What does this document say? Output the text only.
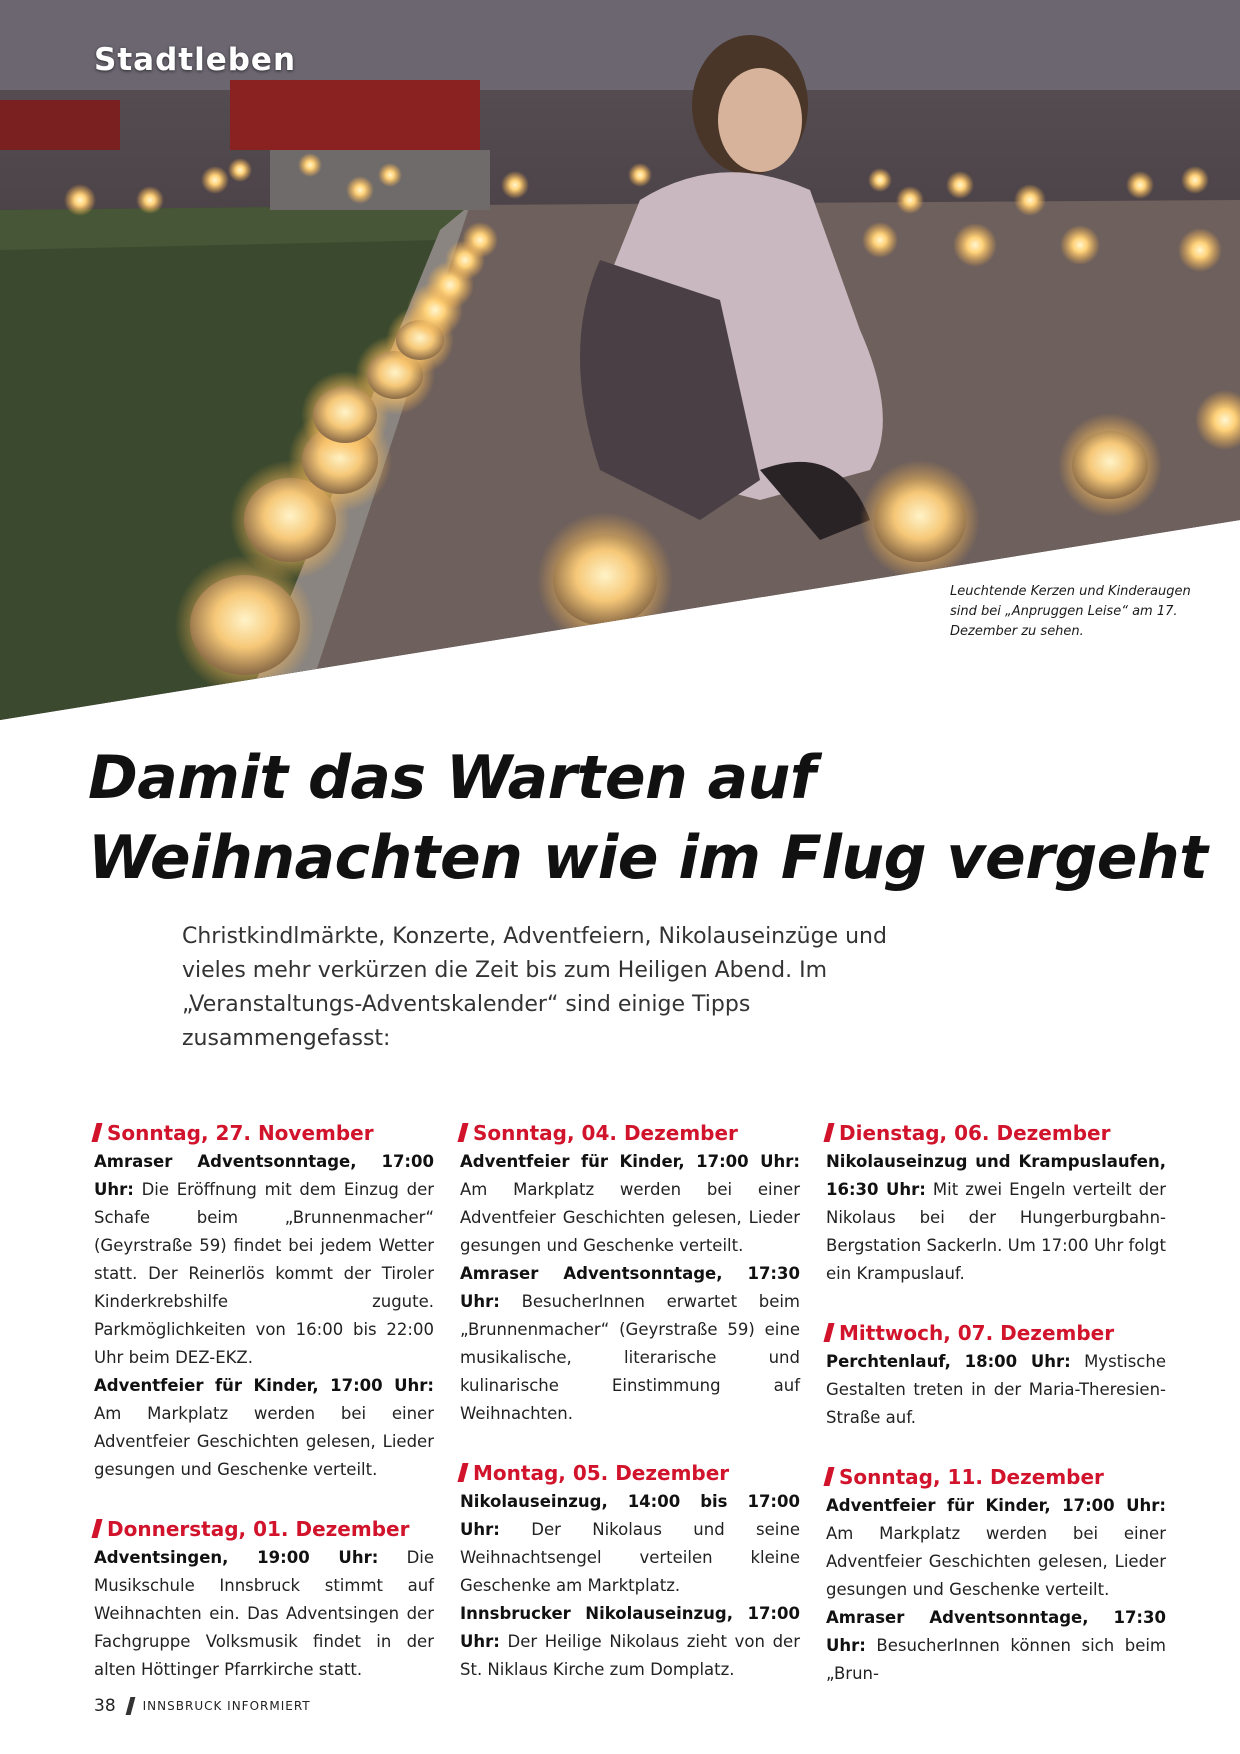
Stadtleben
Leuchtende Kerzen und Kinderaugen sind bei „Anpruggen Leise“ am 17. Dezember zu sehen.
Damit das Warten auf Weihnachten wie im Flug vergeht

Christkindlmärkte, Konzerte, Adventfeiern, Nikolauseinzüge und vieles mehr verkürzen die Zeit bis zum Heiligen Abend. Im „Veranstaltungs-Adventskalender“ sind einige Tipps zusammengefasst:

Sonntag, 27. November

Amraser Adventsonntage, 17:00 Uhr: Die Eröffnung mit dem Einzug der Schafe beim „Brunnenmacher“ (Geyrstraße 59) findet bei jedem Wetter statt. Der Reinerlös kommt der Tiroler Kinderkrebshilfe zugute. Parkmöglichkeiten von 16:00 bis 22:00 Uhr beim DEZ-EKZ.

Adventfeier für Kinder, 17:00 Uhr: Am Markplatz werden bei einer Adventfeier Geschichten gelesen, Lieder gesungen und Geschenke verteilt.

Donnerstag, 01. Dezember

Adventsingen, 19:00 Uhr: Die Musikschule Innsbruck stimmt auf Weihnachten ein. Das Adventsingen der Fachgruppe Volksmusik findet in der alten Höttinger Pfarrkirche statt.

Sonntag, 04. Dezember

Adventfeier für Kinder, 17:00 Uhr: Am Markplatz werden bei einer Adventfeier Geschichten gelesen, Lieder gesungen und Geschenke verteilt.

Amraser Adventsonntage, 17:30 Uhr: BesucherInnen erwartet beim „Brunnenmacher“ (Geyrstraße 59) eine musikalische, literarische und kulinarische Einstimmung auf Weihnachten.

Montag, 05. Dezember

Nikolauseinzug, 14:00 bis 17:00 Uhr: Der Nikolaus und seine Weihnachtsengel verteilen kleine Geschenke am Marktplatz.

Innsbrucker Nikolauseinzug, 17:00 Uhr: Der Heilige Nikolaus zieht von der St. Niklaus Kirche zum Domplatz.

Dienstag, 06. Dezember

Nikolauseinzug und Krampuslaufen, 16:30 Uhr: Mit zwei Engeln verteilt der Nikolaus bei der Hungerburgbahn-Bergstation Sackerln. Um 17:00 Uhr folgt ein Krampuslauf.

Mittwoch, 07. Dezember

Perchtenlauf, 18:00 Uhr: Mystische Gestalten treten in der Maria-Theresien-Straße auf.

Sonntag, 11. Dezember

Adventfeier für Kinder, 17:00 Uhr: Am Markplatz werden bei einer Adventfeier Geschichten gelesen, Lieder gesungen und Geschenke verteilt.

Amraser Adventsonntage, 17:30 Uhr: BesucherInnen können sich beim „Brun-

38 INNSBRUCK INFORMIERT
